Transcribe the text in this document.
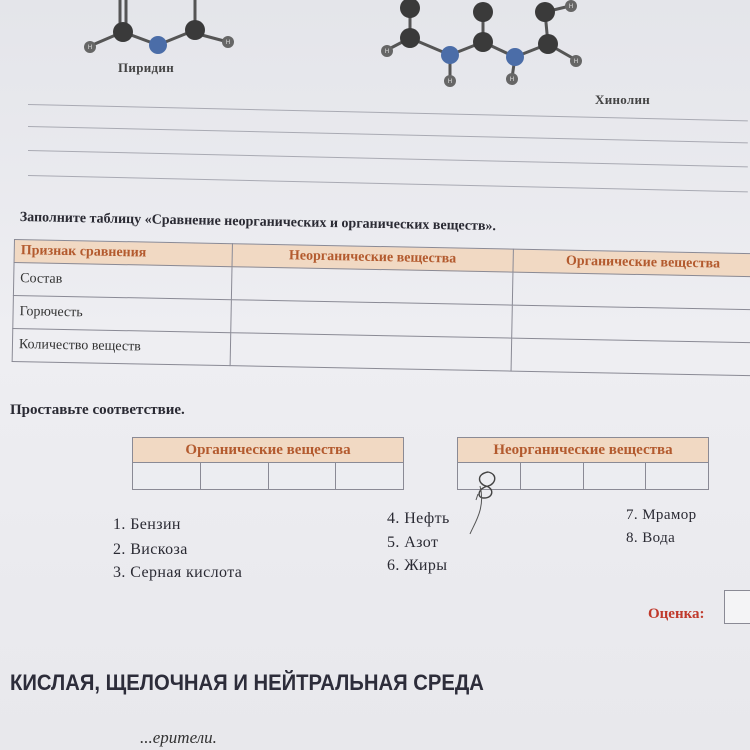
H
H
H
H	H
H
H
Пиридин
Хинолин
Заполните таблицу «Сравнение неорганических и органических веществ».
Признак сравнения	Неорганические вещества	Органические вещества
Состав		
Горючесть		
Количество веществ		
Проставьте соответствие.
Органические вещества	Неорганические вещества
8
1. Бензин
2. Вискоза
3. Серная кислота
4. Нефть
5. Азот
6. Жиры
7. Мрамор
8. Вода
Оценка:
КИСЛАЯ, ЩЕЛОЧНАЯ И НЕЙТРАЛЬНАЯ СРЕДА
...ерители.
